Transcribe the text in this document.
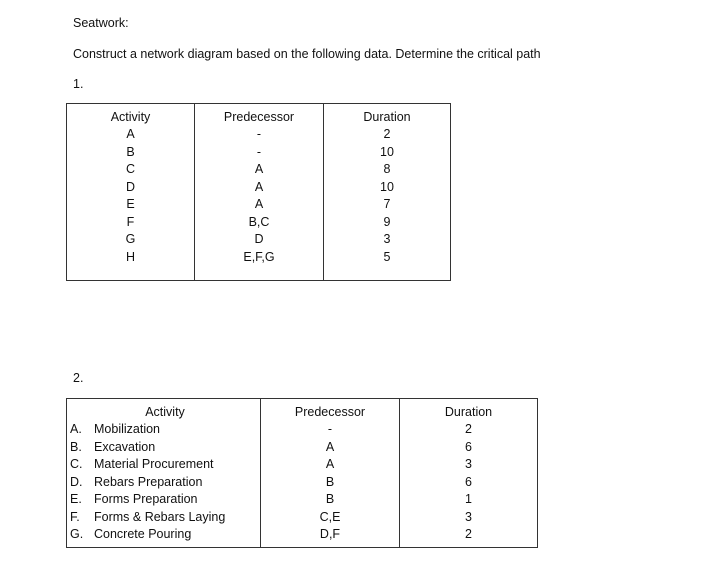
Seatwork:
Construct a network diagram based on the following data. Determine the critical path
1.
Activity
A
B
C
D
E
F
G
H
Predecessor
-
-
A
A
A
B,C
D
E,F,G
Duration
2
10
8
10
7
9
3
5
2.
Activity
A. Mobilization
B. Excavation
C. Material Procurement
D. Rebars Preparation
E. Forms Preparation
F. Forms & Rebars Laying
G. Concrete Pouring
Predecessor
-
A
A
B
B
C,E
D,F
Duration
2
6
3
6
1
3
2
